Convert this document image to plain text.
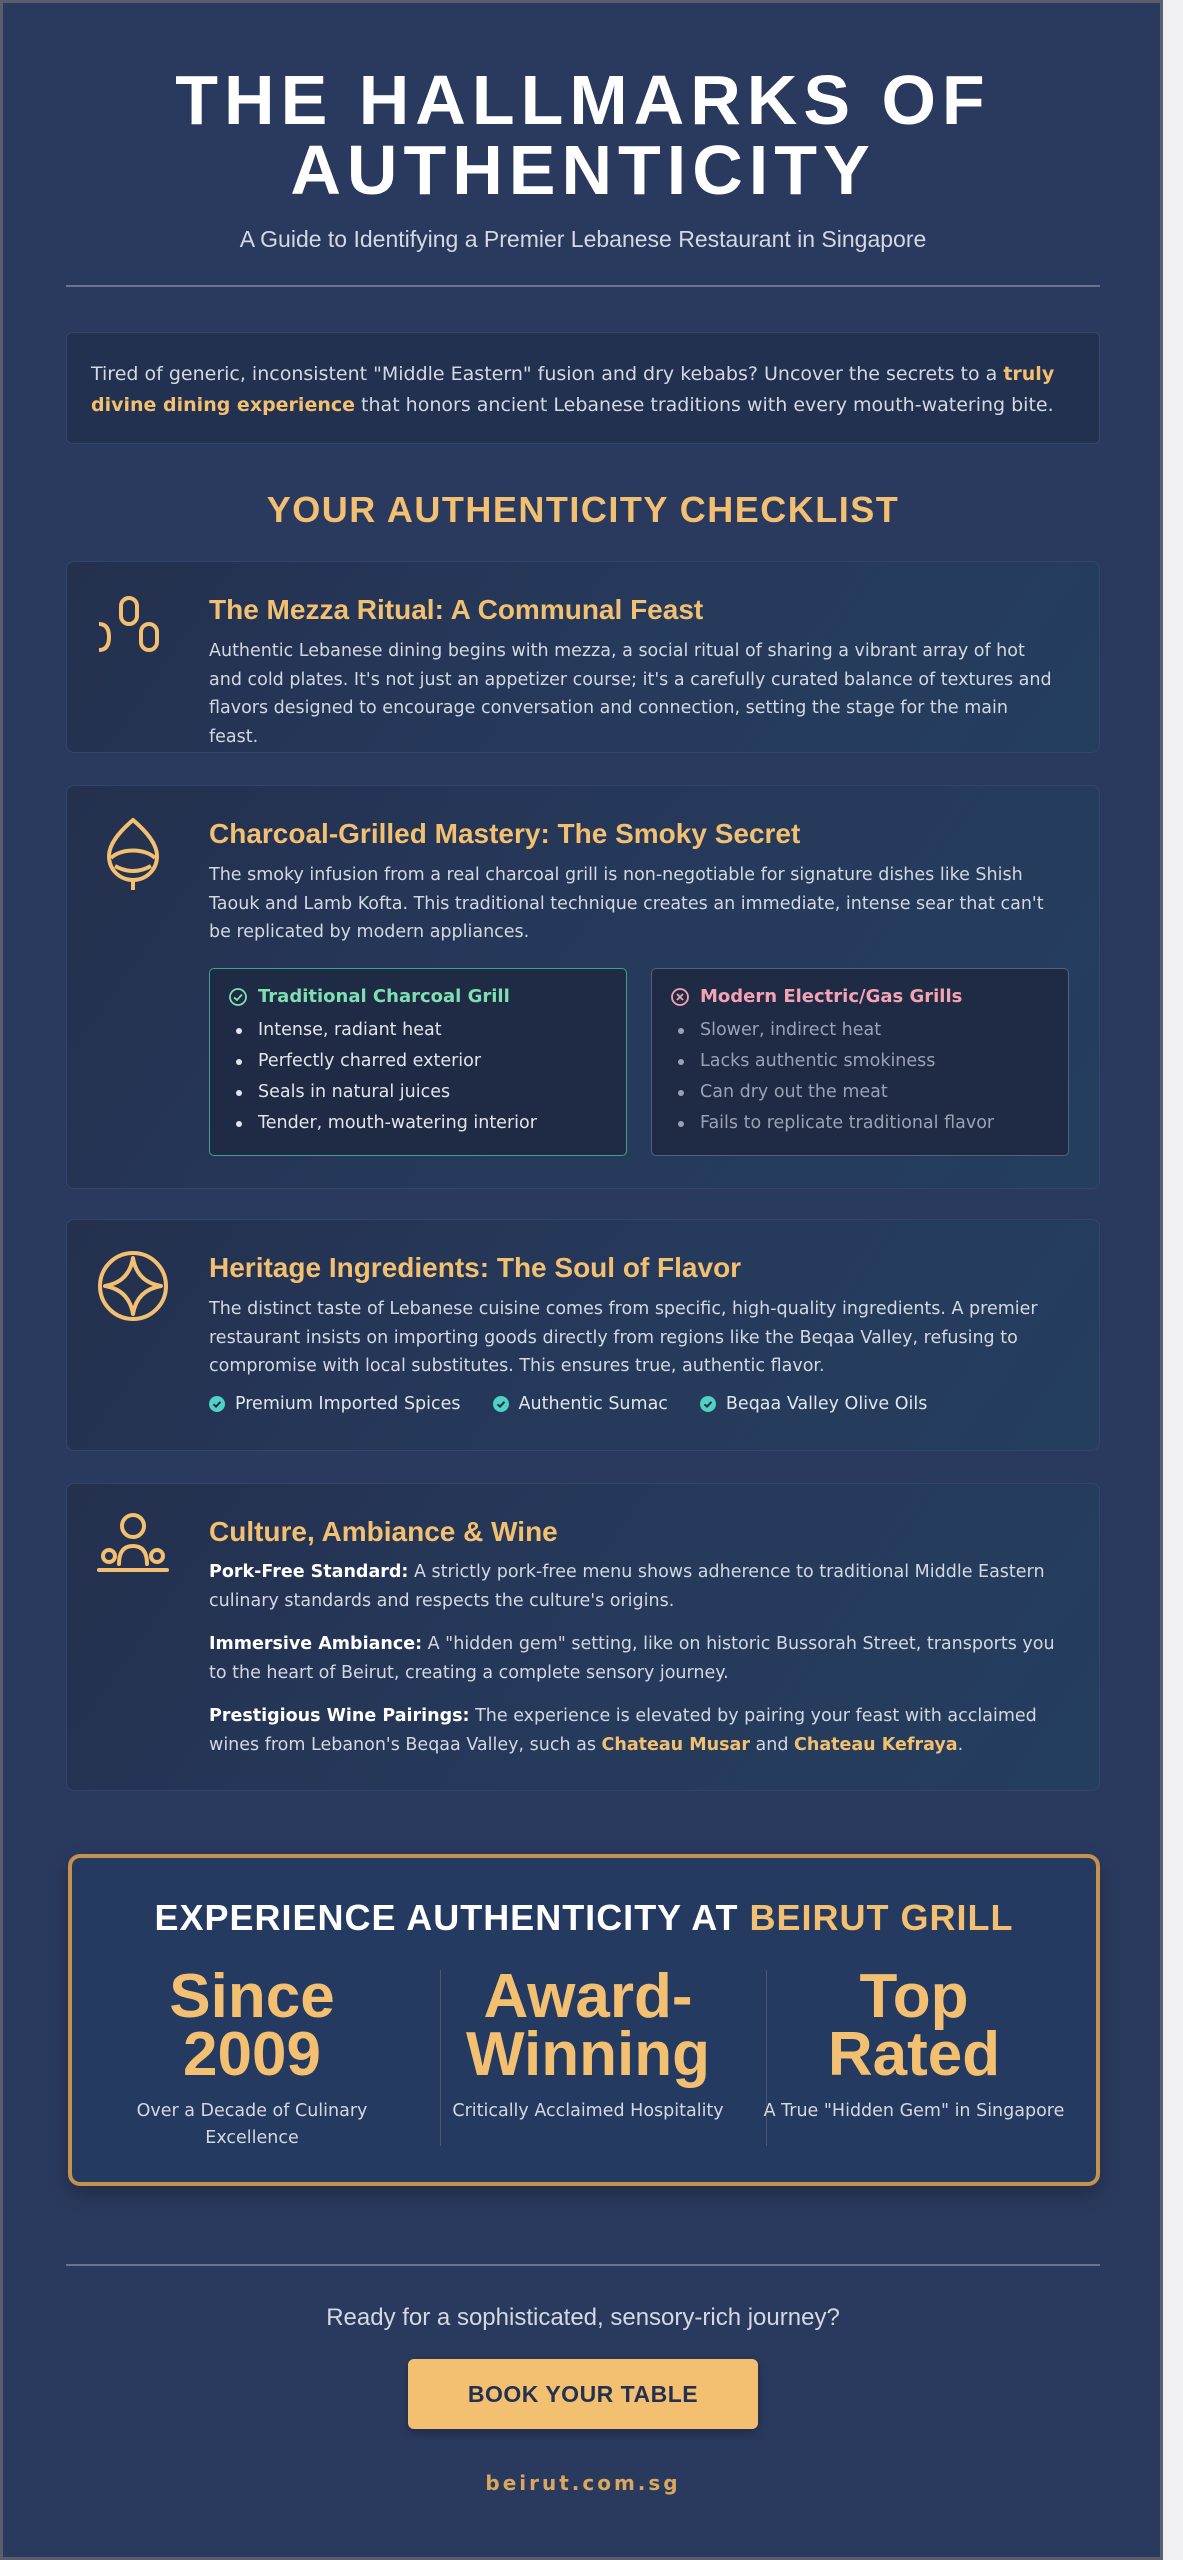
THE HALLMARKS OF
AUTHENTICITY
A Guide to Identifying a Premier Lebanese Restaurant in Singapore
Tired of generic, inconsistent "Middle Eastern" fusion and dry kebabs? Uncover the secrets to a truly divine dining experience that honors ancient Lebanese traditions with every mouth-watering bite.
YOUR AUTHENTICITY CHECKLIST
The Mezza Ritual: A Communal Feast

Authentic Lebanese dining begins with mezza, a social ritual of sharing a vibrant array of hot and cold plates. It's not just an appetizer course; it's a carefully curated balance of textures and flavors designed to encourage conversation and connection, setting the stage for the main feast.

Charcoal-Grilled Mastery: The Smoky Secret

The smoky infusion from a real charcoal grill is non-negotiable for signature dishes like Shish Taouk and Lamb Kofta. This traditional technique creates an immediate, intense sear that can't be replicated by modern appliances.

Traditional Charcoal Grill
Intense, radiant heat
Perfectly charred exterior
Seals in natural juices
Tender, mouth-watering interior
Modern Electric/Gas Grills
Slower, indirect heat
Lacks authentic smokiness
Can dry out the meat
Fails to replicate traditional flavor
Heritage Ingredients: The Soul of Flavor

The distinct taste of Lebanese cuisine comes from specific, high-quality ingredients. A premier restaurant insists on importing goods directly from regions like the Beqaa Valley, refusing to compromise with local substitutes. This ensures true, authentic flavor.

Premium Imported Spices	Authentic Sumac	Beqaa Valley Olive Oils
Culture, Ambiance & Wine

Pork-Free Standard: A strictly pork-free menu shows adherence to traditional Middle Eastern culinary standards and respects the culture's origins.

Immersive Ambiance: A "hidden gem" setting, like on historic Bussorah Street, transports you to the heart of Beirut, creating a complete sensory journey.

Prestigious Wine Pairings: The experience is elevated by pairing your feast with acclaimed wines from Lebanon's Beqaa Valley, such as Chateau Musar and Chateau Kefraya.

EXPERIENCE AUTHENTICITY AT BEIRUT GRILL
Since
2009
Over a Decade of Culinary Excellence
Award-
Winning
Critically Acclaimed Hospitality
Top
Rated
A True "Hidden Gem" in Singapore
Ready for a sophisticated, sensory-rich journey?
BOOK YOUR TABLE
beirut.com.sg
